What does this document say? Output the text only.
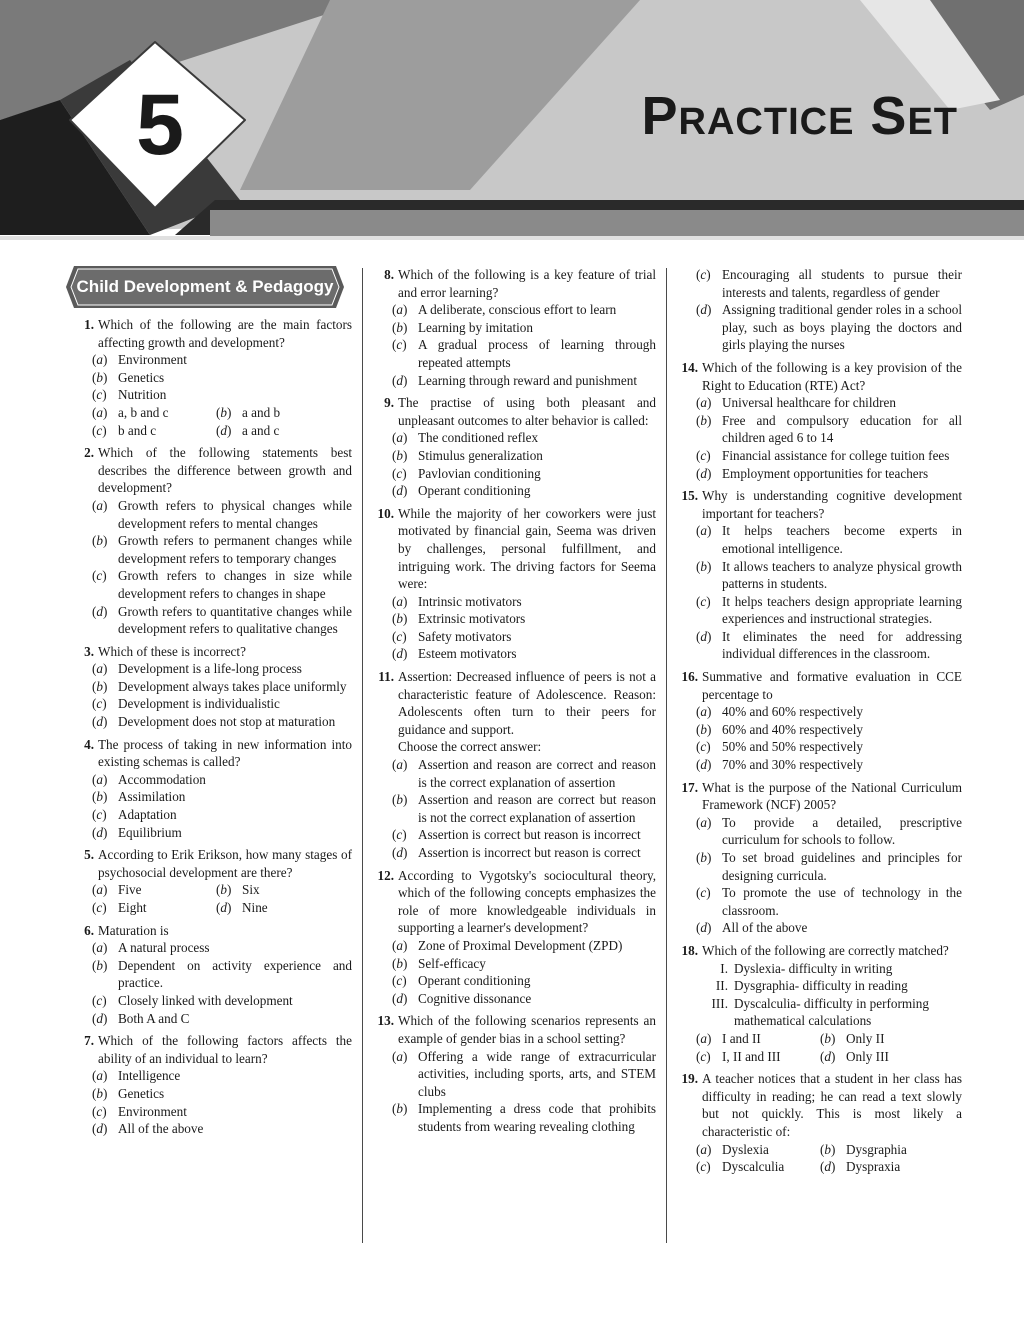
5	Practice Set
Child Development & Pedagogy
1. Which of the following are the main factors affecting growth and development?
( a )	Environment
( b )	Genetics
( c )	Nutrition
( a )	a, b and c	( b )	a and b
( c )	b and c	( d )	a and c
2. Which of the following statements best describes the difference between growth and development?
( a )	Growth refers to physical changes while development refers to mental changes
( b )	Growth refers to permanent changes while development refers to temporary changes
( c )	Growth refers to changes in size while development refers to changes in shape
( d )	Growth refers to quantitative changes while development refers to qualitative changes
3. Which of these is incorrect?
( a )	Development is a life-long process
( b )	Development always takes place uniformly
( c )	Development is individualistic
( d )	Development does not stop at maturation
4. The process of taking in new information into existing schemas is called?
( a )	Accommodation
( b )	Assimilation
( c )	Adaptation
( d )	Equilibrium
5. According to Erik Erikson, how many stages of psychosocial development are there?
( a )	Five	( b )	Six
( c )	Eight	( d )	Nine
6. Maturation is
( a )	A natural process
( b )	Dependent on activity experience and practice.
( c )	Closely linked with development
( d )	Both A and C
7. Which of the following factors affects the ability of an individual to learn?
( a )	Intelligence
( b )	Genetics
( c )	Environment
( d )	All of the above
8. Which of the following is a key feature of trial and error learning?
( a )	A deliberate, conscious effort to learn
( b )	Learning by imitation
( c )	A gradual process of learning through repeated attempts
( d )	Learning through reward and punishment
9. The practise of using both pleasant and unpleasant outcomes to alter behavior is called:
( a )	The conditioned reflex
( b )	Stimulus generalization
( c )	Pavlovian conditioning
( d )	Operant conditioning
10. While the majority of her coworkers were just motivated by financial gain, Seema was driven by challenges, personal fulfillment, and intriguing work. The driving factors for Seema were:
( a )	Intrinsic motivators
( b )	Extrinsic motivators
( c )	Safety motivators
( d )	Esteem motivators
11. Assertion: Decreased influence of peers is not a characteristic feature of Adolescence. Reason: Adolescents often turn to their peers for guidance and support.
Choose the correct answer:
( a )	Assertion and reason are correct and reason is the correct explanation of assertion
( b )	Assertion and reason are correct but reason is not the correct explanation of assertion
( c )	Assertion is correct but reason is incorrect
( d )	Assertion is incorrect but reason is correct
12. According to Vygotsky's sociocultural theory, which of the following concepts emphasizes the role of more knowledgeable individuals in supporting a learner's development?
( a )	Zone of Proximal Development (ZPD)
( b )	Self-efficacy
( c )	Operant conditioning
( d )	Cognitive dissonance
13. Which of the following scenarios represents an example of gender bias in a school setting?
( a )	Offering a wide range of extracurricular activities, including sports, arts, and STEM clubs
( b )	Implementing a dress code that prohibits students from wearing revealing clothing
( c )	Encouraging all students to pursue their interests and talents, regardless of gender
( d )	Assigning traditional gender roles in a school play, such as boys playing the doctors and girls playing the nurses
14. Which of the following is a key provision of the Right to Education (RTE) Act?
( a )	Universal healthcare for children
( b )	Free and compulsory education for all children aged 6 to 14
( c )	Financial assistance for college tuition fees
( d )	Employment opportunities for teachers
15. Why is understanding cognitive development important for teachers?
( a )	It helps teachers become experts in emotional intelligence.
( b )	It allows teachers to analyze physical growth patterns in students.
( c )	It helps teachers design appropriate learning experiences and instructional strategies.
( d )	It eliminates the need for addressing individual differences in the classroom.
16. Summative and formative evaluation in CCE percentage to
( a )	40% and 60% respectively
( b )	60% and 40% respectively
( c )	50% and 50% respectively
( d )	70% and 30% respectively
17. What is the purpose of the National Curriculum Framework (NCF) 2005?
( a )	To provide a detailed, prescriptive curriculum for schools to follow.
( b )	To set broad guidelines and principles for designing curricula.
( c )	To promote the use of technology in the classroom.
( d )	All of the above
18. Which of the following are correctly matched?
I. Dyslexia- difficulty in writing
II. Dysgraphia- difficulty in reading
III. Dyscalculia- difficulty in performing mathematical calculations
( a )	I and II	( b )	Only II
( c )	I, II and III	( d )	Only III
19. A teacher notices that a student in her class has difficulty in reading; he can read a text slowly but not quickly. This is most likely a characteristic of:
( a )	Dyslexia	( b )	Dysgraphia
( c )	Dyscalculia	( d )	Dyspraxia
